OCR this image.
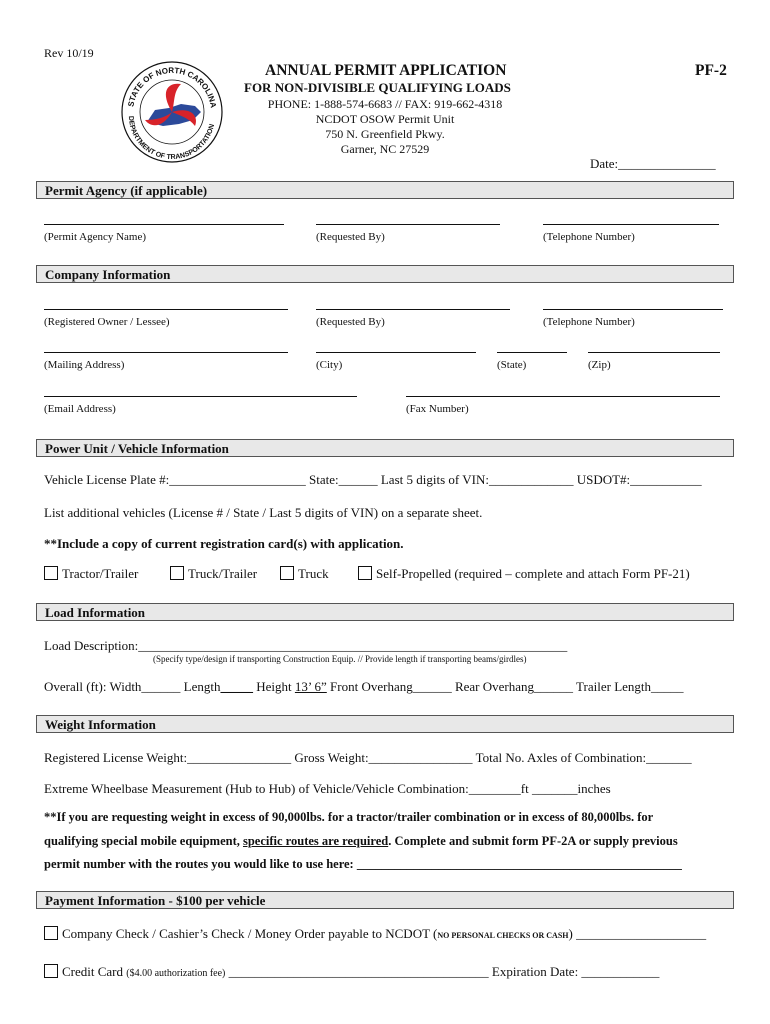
Rev 10/19
STATE OF NORTH CAROLINA
DEPARTMENT OF TRANSPORTATION
ANNUAL PERMIT APPLICATION	PF-2
FOR NON-DIVISIBLE QUALIFYING LOADS
PHONE: 1-888-574-6683 // FAX: 919-662-4318
NCDOT OSOW Permit Unit
750 N. Greenfield Pkwy.
Garner, NC 27529
Date:_______________
Permit Agency (if applicable)
(Permit Agency Name)	(Requested By)	(Telephone Number)
Company Information
(Registered Owner / Lessee)	(Requested By)	(Telephone Number)
(Mailing Address)	(City)	(State)	(Zip)
(Email Address)	(Fax Number)
Power Unit / Vehicle Information
Vehicle License Plate #:_____________________ State:______ Last 5 digits of VIN:_____________ USDOT#:___________
List additional vehicles (License # / State / Last 5 digits of VIN) on a separate sheet.
**Include a copy of current registration card(s) with application.
Tractor/Trailer	Truck/Trailer	Truck	Self-Propelled (required – complete and attach Form PF-21)
Load Information
Load Description:__________________________________________________________________
(Specify type/design if transporting Construction Equip. // Provide length if transporting beams/girdles)
Overall (ft): Width______ Length_____ Height 13’ 6” Front Overhang______ Rear Overhang______ Trailer Length_____
Weight Information
Registered License Weight:________________ Gross Weight:________________ Total No. Axles of Combination:_______
Extreme Wheelbase Measurement (Hub to Hub) of Vehicle/Vehicle Combination:________ft _______inches
**If you are requesting weight in excess of 90,000lbs. for a tractor/trailer combination or in excess of 80,000lbs. for
qualifying special mobile equipment, specific routes are required. Complete and submit form PF-2A or supply previous
permit number with the routes you would like to use here: ____________________________________________________
Payment Information - $100 per vehicle
Company Check / Cashier’s Check / Money Order payable to NCDOT (NO PERSONAL CHECKS OR CASH) ____________________
Credit Card ($4.00 authorization fee) ________________________________________ Expiration Date: ____________
